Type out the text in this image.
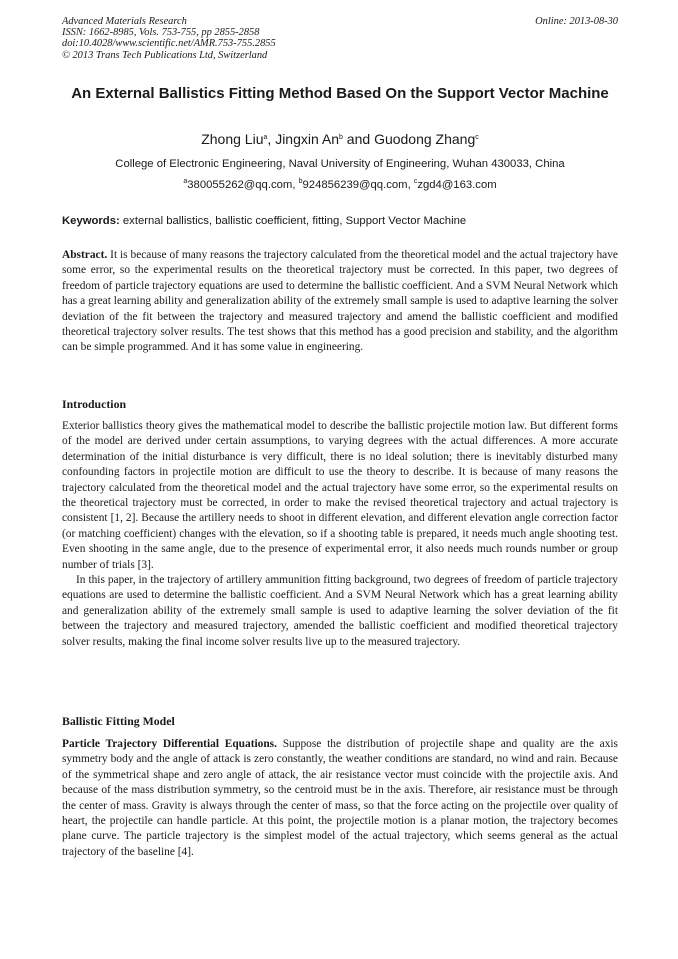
Advanced Materials Research
ISSN: 1662-8985, Vols. 753-755, pp 2855-2858
doi:10.4028/www.scientific.net/AMR.753-755.2855
© 2013 Trans Tech Publications Ltd, Switzerland
Online: 2013-08-30
An External Ballistics Fitting Method Based On the Support Vector Machine
Zhong Liu$^a$, Jingxin An$^b$ and Guodong Zhang$^c$
College of Electronic Engineering, Naval University of Engineering, Wuhan 430033, China
$^a$380055262@qq.com, $^b$924856239@qq.com, $^c$zgd4@163.com
Keywords: external ballistics, ballistic coefficient, fitting, Support Vector Machine

Abstract. It is because of many reasons the trajectory calculated from the theoretical model and the actual trajectory have some error, so the experimental results on the theoretical trajectory must be corrected. In this paper, two degrees of freedom of particle trajectory equations are used to determine the ballistic coefficient. And a SVM Neural Network which has a great learning ability and generalization ability of the extremely small sample is used to adaptive learning the solver deviation of the fit between the trajectory and measured trajectory and amend the ballistic coefficient and modified theoretical trajectory solver results. The test shows that this method has a good precision and stability, and the algorithm can be simple programmed. And it has some value in engineering.

Introduction

Exterior ballistics theory gives the mathematical model to describe the ballistic projectile motion law. But different forms of the model are derived under certain assumptions, to varying degrees with the actual differences. A more accurate determination of the initial disturbance is very difficult, there is no ideal solution; there is inevitably disturbed many confounding factors in projectile motion are difficult to use the theory to describe. It is because of many reasons the trajectory calculated from the theoretical model and the actual trajectory have some error, so the experimental results on the theoretical trajectory must be corrected, in order to make the revised theoretical trajectory and actual trajectory is consistent [1, 2]. Because the artillery needs to shoot in different elevation, and different elevation angle correction factor (or matching coefficient) changes with the elevation, so if a shooting table is prepared, it needs much angle shooting test. Even shooting in the same angle, due to the presence of experimental error, it also needs much rounds number or group number of trials [3].

In this paper, in the trajectory of artillery ammunition fitting background, two degrees of freedom of particle trajectory equations are used to determine the ballistic coefficient. And a SVM Neural Network which has a great learning ability and generalization ability of the extremely small sample is used to adaptive learning the solver deviation of the fit between the trajectory and measured trajectory, amended the ballistic coefficient and modified theoretical trajectory solver results, making the final income solver results live up to the measured trajectory.

Ballistic Fitting Model

Particle Trajectory Differential Equations. Suppose the distribution of projectile shape and quality are the axis symmetry body and the angle of attack is zero constantly, the weather conditions are standard, no wind and rain. Because of the symmetrical shape and zero angle of attack, the air resistance vector must coincide with the projectile axis. And because of the mass distribution symmetry, so the centroid must be in the axis. Therefore, air resistance must be through the center of mass. Gravity is always through the center of mass, so that the force acting on the projectile over quality of heart, the projectile can handle particle. At this point, the projectile motion is a planar motion, the trajectory becomes plane curve. The particle trajectory is the simplest model of the actual trajectory, which seems general as the actual trajectory of the baseline [4].
